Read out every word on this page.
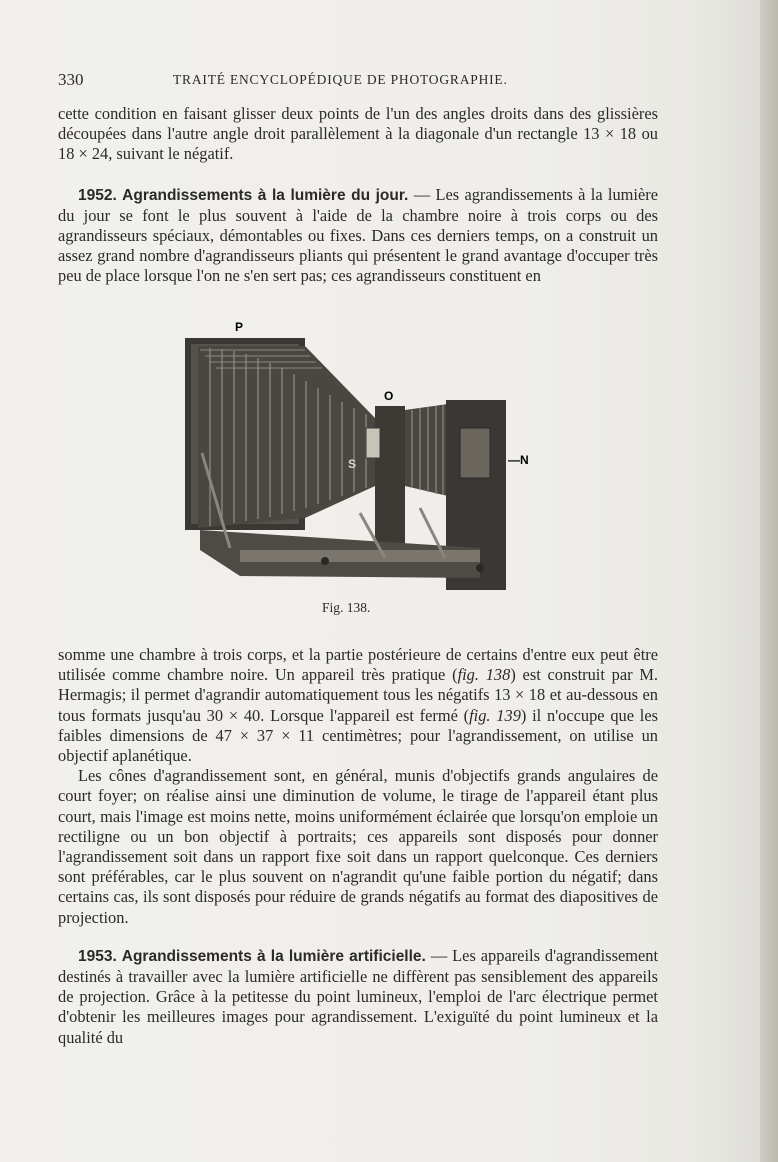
330	TRAITÉ ENCYCLOPÉDIQUE DE PHOTOGRAPHIE.

cette condition en faisant glisser deux points de l'un des angles droits dans des glissières découpées dans l'autre angle droit parallèlement à la diagonale d'un rectangle 13 × 18 ou 18 × 24, suivant le négatif.

1952. Agrandissements à la lumière du jour. — Les agrandissements à la lumière du jour se font le plus souvent à l'aide de la chambre noire à trois corps ou des agrandisseurs spéciaux, démontables ou fixes. Dans ces derniers temps, on a construit un assez grand nombre d'agrandisseurs pliants qui présentent le grand avantage d'occuper très peu de place lorsque l'on ne s'en sert pas; ces agrandisseurs constituent en

P
O
S	—N
Fig. 138.

somme une chambre à trois corps, et la partie postérieure de certains d'entre eux peut être utilisée comme chambre noire. Un appareil très pratique (fig. 138) est construit par M. Hermagis; il permet d'agrandir automatiquement tous les négatifs 13 × 18 et au-dessous en tous formats jusqu'au 30 × 40. Lorsque l'appareil est fermé (fig. 139) il n'occupe que les faibles dimensions de 47 × 37 × 11 centimètres; pour l'agrandissement, on utilise un objectif aplanétique.

Les cônes d'agrandissement sont, en général, munis d'objectifs grands angulaires de court foyer; on réalise ainsi une diminution de volume, le tirage de l'appareil étant plus court, mais l'image est moins nette, moins uniformément éclairée que lorsqu'on emploie un rectiligne ou un bon objectif à portraits; ces appareils sont disposés pour donner l'agrandissement soit dans un rapport fixe soit dans un rapport quelconque. Ces derniers sont préférables, car le plus souvent on n'agrandit qu'une faible portion du négatif; dans certains cas, ils sont disposés pour réduire de grands négatifs au format des diapositives de projection.

1953. Agrandissements à la lumière artificielle. — Les appareils d'agrandissement destinés à travailler avec la lumière artificielle ne diffèrent pas sensiblement des appareils de projection. Grâce à la petitesse du point lumineux, l'emploi de l'arc électrique permet d'obtenir les meilleures images pour agrandissement. L'exiguïté du point lumineux et la qualité du
